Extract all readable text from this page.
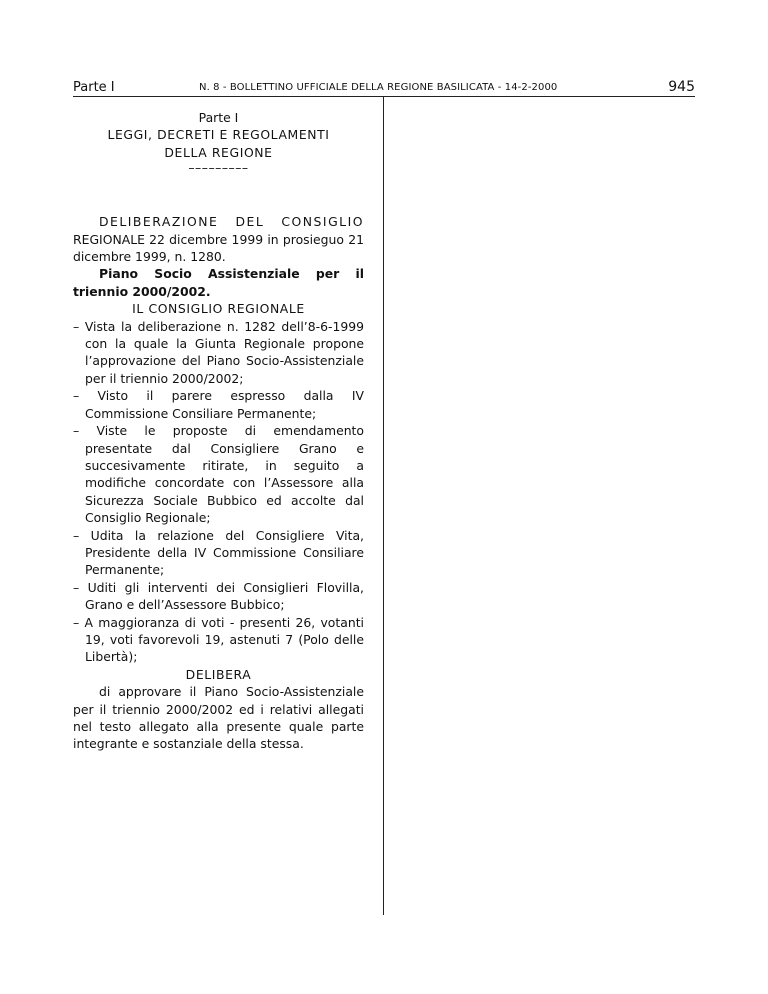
Parte I	N. 8 - BOLLETTINO UFFICIALE DELLA REGIONE BASILICATA - 14-2-2000	945
Parte I
LEGGI, DECRETI E REGOLAMENTI
DELLA REGIONE
–––––––––
DELIBERAZIONE DEL CONSIGLIO REGIONALE 22 dicembre 1999 in prosieguo 21 dicembre 1999, n. 1280.
Piano Socio Assistenziale per il triennio 2000/2002.
IL CONSIGLIO REGIONALE
– Vista la deliberazione n. 1282 dell’8-6-1999 con la quale la Giunta Regionale propone l’approvazione del Piano Socio-Assistenziale per il triennio 2000/2002;
– Visto il parere espresso dalla IV Commissione Consiliare Permanente;
– Viste le proposte di emendamento presentate dal Consigliere Grano e succesivamente ritirate, in seguito a modifiche concordate con l’Assessore alla Sicurezza Sociale Bubbico ed accolte dal Consiglio Regionale;
– Udita la relazione del Consigliere Vita, Presidente della IV Commissione Consiliare Permanente;
– Uditi gli interventi dei Consiglieri Flovilla, Grano e dell’Assessore Bubbico;
– A maggioranza di voti - presenti 26, votanti 19, voti favorevoli 19, astenuti 7 (Polo delle Libertà);
DELIBERA
di approvare il Piano Socio-Assistenziale per il triennio 2000/2002 ed i relativi allegati nel testo allegato alla presente quale parte integrante e sostanziale della stessa.
